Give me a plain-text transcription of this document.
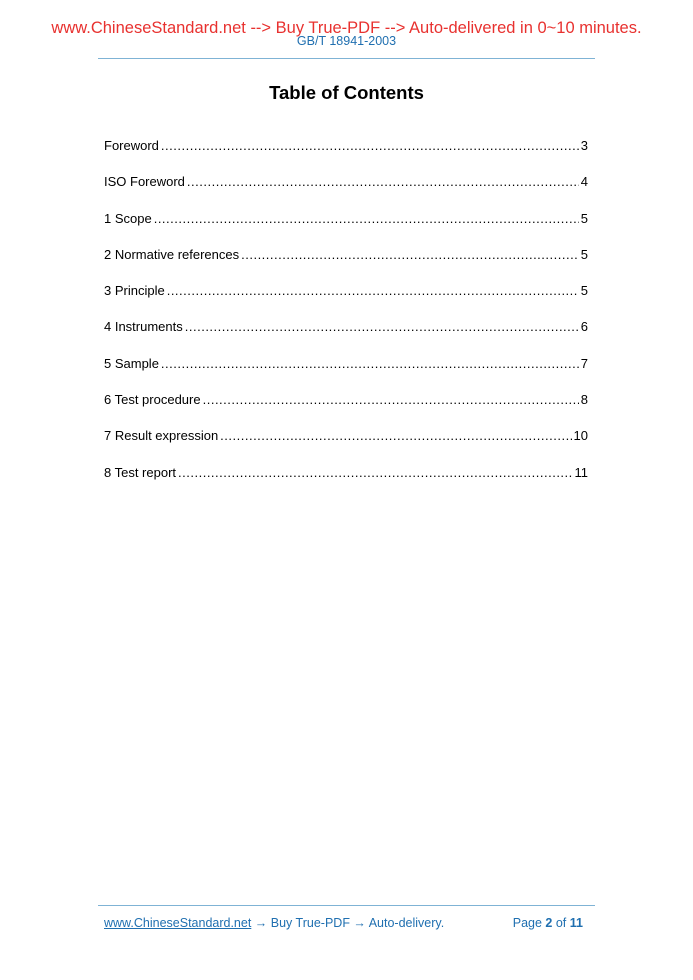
www.ChineseStandard.net --> Buy True-PDF --> Auto-delivered in 0~10 minutes.
GB/T 18941-2003
Table of Contents
Foreword .....	3
ISO Foreword .....	4
1 Scope .....	5
2 Normative references .....	5
3 Principle .....	5
4 Instruments .....	6
5 Sample .....	7
6 Test procedure .....	8
7 Result expression .....	10
8 Test report .....	11
www.ChineseStandard.net → Buy True-PDF → Auto-delivery.	Page 2 of 11
